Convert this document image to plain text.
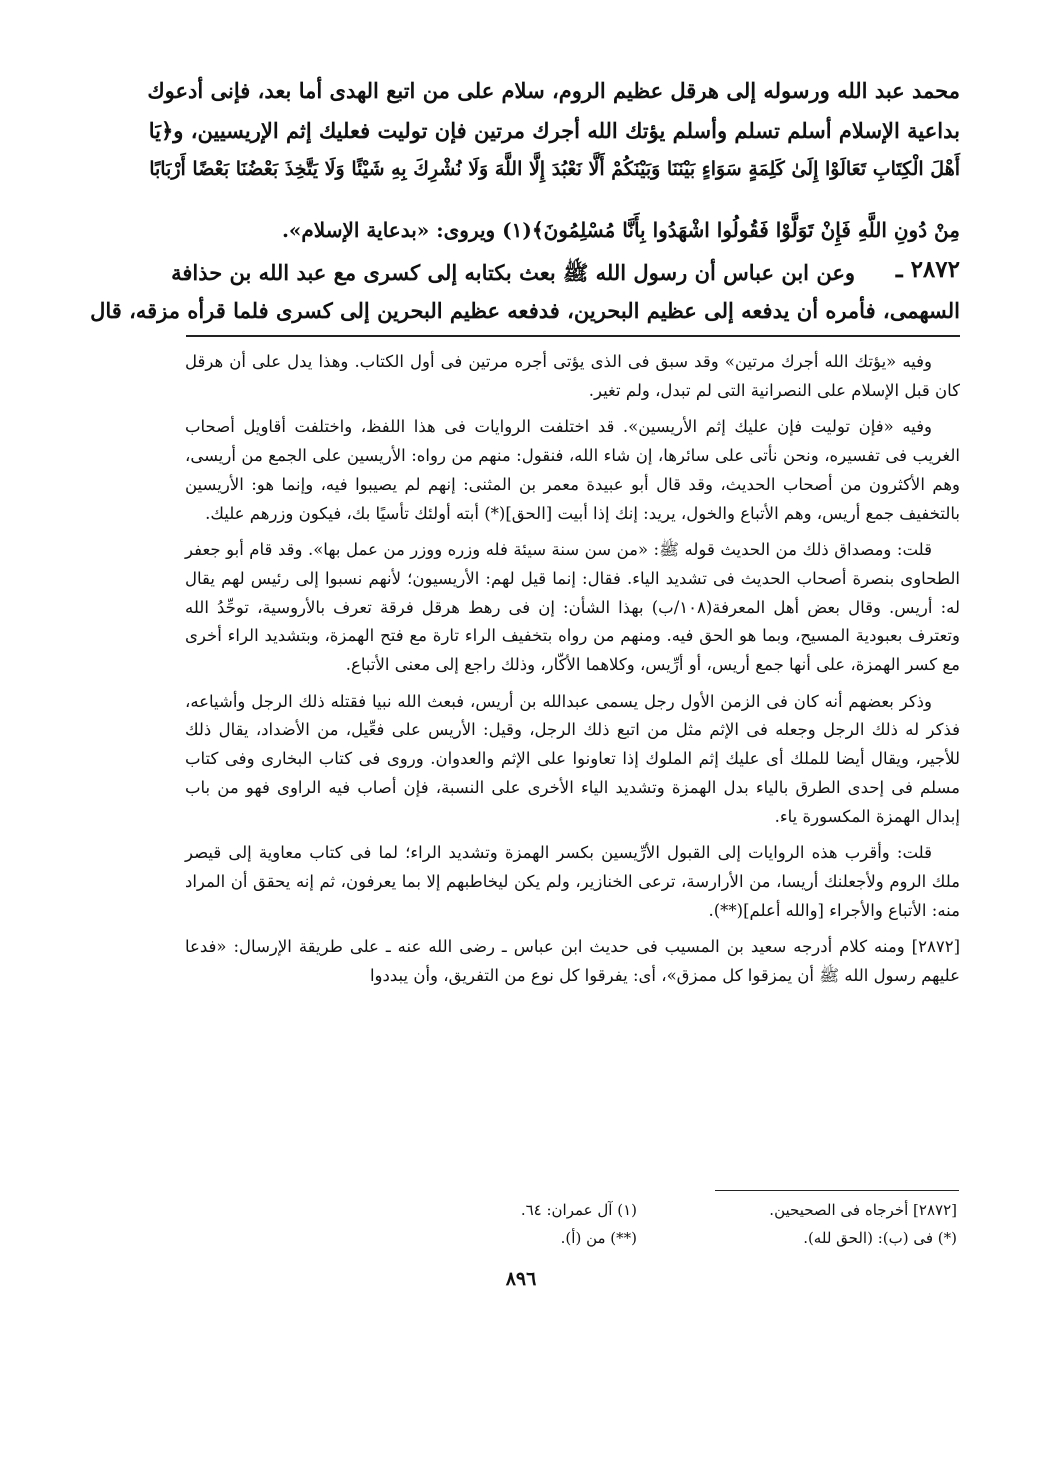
محمد عبد الله ورسوله إلى هرقل عظيم الروم، سلام على من اتبع الهدى أما بعد، فإنى أدعوك
بداعية الإسلام أسلم تسلم وأسلم يؤتك الله أجرك مرتين فإن توليت فعليك إثم الإريسيين، و﴿يَا
أَهْلَ الْكِتَابِ تَعَالَوْا إِلَىٰ كَلِمَةٍ سَوَاءٍ بَيْنَنَا وَبَيْنَكُمْ أَلَّا نَعْبُدَ إِلَّا اللَّهَ وَلَا نُشْرِكَ بِهِ شَيْئًا وَلَا يَتَّخِذَ بَعْضُنَا بَعْضًا أَرْبَابًا
مِنْ دُونِ اللَّهِ فَإِنْ تَوَلَّوْا فَقُولُوا اشْهَدُوا بِأَنَّا مُسْلِمُونَ﴾(١) ويروى: «بدعاية الإسلام».
وعن ابن عباس أن رسول الله ﷺ بعث بكتابه إلى كسرى مع عبد الله بن حذافة	٢٨٧٢ ـ
السهمى، فأمره أن يدفعه إلى عظيم البحرين، فدفعه عظيم البحرين إلى كسرى فلما قرأه مزقه، قال

وفيه «يؤتك الله أجرك مرتين» وقد سبق فى الذى يؤتى أجره مرتين فى أول الكتاب. وهذا يدل على أن هرقل كان قبل الإسلام على النصرانية التى لم تبدل، ولم تغير.

وفيه «فإن توليت فإن عليك إثم الأريسين». قد اختلفت الروايات فى هذا اللفظ، واختلفت أقاويل أصحاب الغريب فى تفسيره، ونحن نأتى على سائرها، إن شاء الله، فنقول: منهم من رواه: الأريسين على الجمع من أريسى، وهم الأكثرون من أصحاب الحديث، وقد قال أبو عبيدة معمر بن المثنى: إنهم لم يصيبوا فيه، وإنما هو: الأريسين بالتخفيف جمع أريس، وهم الأتباع والخول، يريد: إنك إذا أبيت [الحق](*) أبته أولئك تأسيًا بك، فيكون وزرهم عليك.

قلت: ومصداق ذلك من الحديث قوله ﷺ: «من سن سنة سيئة فله وزره ووزر من عمل بها». وقد قام أبو جعفر الطحاوى بنصرة أصحاب الحديث فى تشديد الياء. فقال: إنما قيل لهم: الأريسيون؛ لأنهم نسبوا إلى رئيس لهم يقال له: أريس. وقال بعض أهل المعرفة(١٠٨/ب) بهذا الشأن: إن فى رهط هرقل فرقة تعرف بالأروسية، توحِّدُ الله وتعترف بعبودية المسيح، وبما هو الحق فيه. ومنهم من رواه بتخفيف الراء تارة مع فتح الهمزة، وبتشديد الراء أخرى مع كسر الهمزة، على أنها جمع أريس، أو أرِّيس، وكلاهما الأكّار، وذلك راجع إلى معنى الأتباع.

وذكر بعضهم أنه كان فى الزمن الأول رجل يسمى عبدالله بن أريس، فبعث الله نبيا فقتله ذلك الرجل وأشياعه، فذكر له ذلك الرجل وجعله فى الإثم مثل من اتبع ذلك الرجل، وقيل: الأريس على فعِّيل، من الأضداد، يقال ذلك للأجير، ويقال أيضا للملك أى عليك إثم الملوك إذا تعاونوا على الإثم والعدوان. وروى فى كتاب البخارى وفى كتاب مسلم فى إحدى الطرق بالياء بدل الهمزة وتشديد الياء الأخرى على النسبة، فإن أصاب فيه الراوى فهو من باب إبدال الهمزة المكسورة ياء.

قلت: وأقرب هذه الروايات إلى القبول الأرِّيسين بكسر الهمزة وتشديد الراء؛ لما فى كتاب معاوية إلى قيصر ملك الروم ولأجعلنك أريسا، من الأرارسة، ترعى الخنازير، ولم يكن ليخاطبهم إلا بما يعرفون، ثم إنه يحقق أن المراد منه: الأتباع والأجراء [والله أعلم](**).

[٢٨٧٢] ومنه كلام أدرجه سعيد بن المسيب فى حديث ابن عباس ـ رضى الله عنه ـ على طريقة الإرسال: «فدعا عليهم رسول الله ﷺ أن يمزقوا كل ممزق»، أى: يفرقوا كل نوع من التفريق، وأن يبددوا

[٢٨٧٢] أخرجاه فى الصحيحين.
(*) فى (ب): (الحق لله).
(١) آل عمران: ٦٤.
(**) من (أ).
٨٩٦
